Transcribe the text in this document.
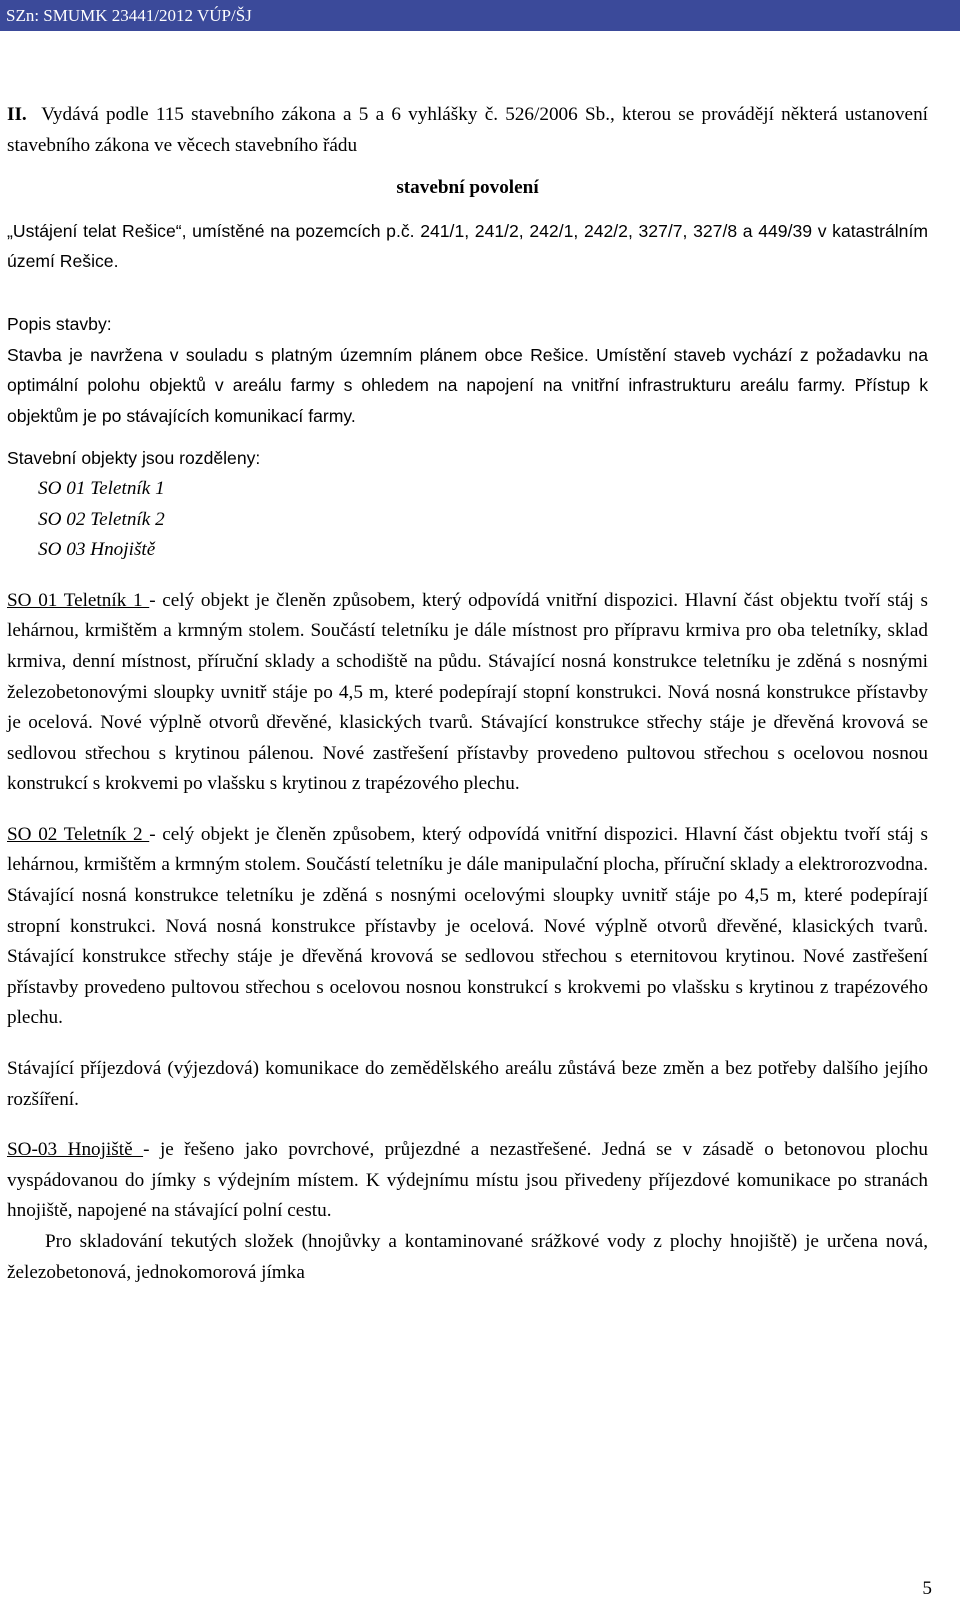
SZn: SMUMK 23441/2012 VÚP/ŠJ

II. Vydává podle 115 stavebního zákona a 5 a 6 vyhlášky č. 526/2006 Sb., kterou se provádějí některá ustanovení stavebního zákona ve věcech stavebního řádu

stavební povolení

„Ustájení telat Rešice“, umístěné na pozemcích p.č. 241/1, 241/2, 242/1, 242/2, 327/7, 327/8 a 449/39 v katastrálním území Rešice.

Popis stavby:

Stavba je navržena v souladu s platným územním plánem obce Rešice. Umístění staveb vychází z požadavku na optimální polohu objektů v areálu farmy s ohledem na napojení na vnitřní infrastrukturu areálu farmy. Přístup k objektům je po stávajících komunikací farmy.

Stavební objekty jsou rozděleny:

SO 01 Teletník 1

SO 02 Teletník 2

SO 03 Hnojiště

SO 01 Teletník 1 - celý objekt je členěn způsobem, který odpovídá vnitřní dispozici. Hlavní část objektu tvoří stáj s lehárnou, krmištěm a krmným stolem. Součástí teletníku je dále místnost pro přípravu krmiva pro oba teletníky, sklad krmiva, denní místnost, příruční sklady a schodiště na půdu. Stávající nosná konstrukce teletníku je zděná s nosnými železobetonovými sloupky uvnitř stáje po 4,5 m, které podepírají stopní konstrukci. Nová nosná konstrukce přístavby je ocelová. Nové výplně otvorů dřevěné, klasických tvarů. Stávající konstrukce střechy stáje je dřevěná krovová se sedlovou střechou s krytinou pálenou. Nové zastřešení přístavby provedeno pultovou střechou s ocelovou nosnou konstrukcí s krokvemi po vlašsku s krytinou z trapézového plechu.

SO 02 Teletník 2 - celý objekt je členěn způsobem, který odpovídá vnitřní dispozici. Hlavní část objektu tvoří stáj s lehárnou, krmištěm a krmným stolem. Součástí teletníku je dále manipulační plocha, příruční sklady a elektrorozvodna. Stávající nosná konstrukce teletníku je zděná s nosnými ocelovými sloupky uvnitř stáje po 4,5 m, které podepírají stropní konstrukci. Nová nosná konstrukce přístavby je ocelová. Nové výplně otvorů dřevěné, klasických tvarů. Stávající konstrukce střechy stáje je dřevěná krovová se sedlovou střechou s eternitovou krytinou. Nové zastřešení přístavby provedeno pultovou střechou s ocelovou nosnou konstrukcí s krokvemi po vlašsku s krytinou z trapézového plechu.

Stávající příjezdová (výjezdová) komunikace do zemědělského areálu zůstává beze změn a bez potřeby dalšího jejího rozšíření.

SO-03 Hnojiště - je řešeno jako povrchové, průjezdné a nezastřešené. Jedná se v zásadě o betonovou plochu vyspádovanou do jímky s výdejním místem. K výdejnímu místu jsou přivedeny příjezdové komunikace po stranách hnojiště, napojené na stávající polní cestu.

Pro skladování tekutých složek (hnojůvky a kontaminované srážkové vody z plochy hnojiště) je určena nová, železobetonová, jednokomorová jímka

5
